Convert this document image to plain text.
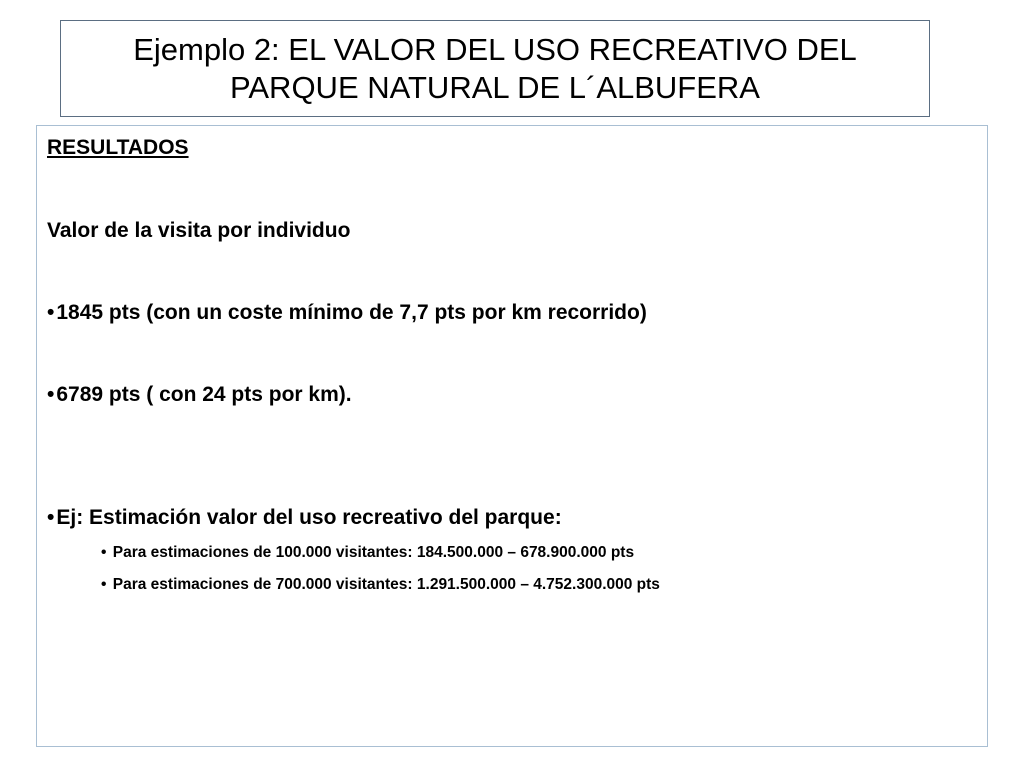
Ejemplo 2: EL VALOR DEL USO RECREATIVO DEL PARQUE NATURAL DE L´ALBUFERA
RESULTADOS
Valor de la visita por individuo
•1845 pts (con un coste mínimo de 7,7 pts por km recorrido)
•6789 pts ( con 24 pts por km).
•Ej: Estimación valor del uso recreativo del parque:
• Para estimaciones de 100.000 visitantes: 184.500.000 – 678.900.000 pts
• Para estimaciones de 700.000 visitantes: 1.291.500.000 – 4.752.300.000 pts
